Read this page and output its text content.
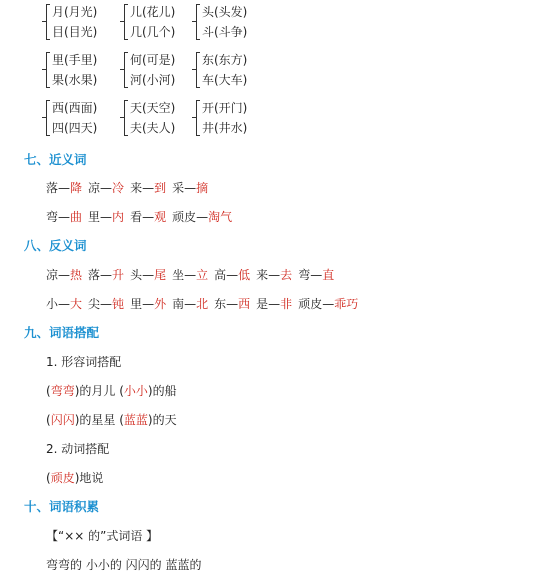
月(月光)
目(目光)
儿(花儿)
几(几个)
头(头发)
斗(斗争)
里(手里)
果(水果)
何(可是)
河(小河)
东(东方)
车(大车)
西(西面)
四(四天)
天(天空)
夫(夫人)
开(开门)
井(井水)
七、近义词
落—降 凉—冷 来—到 采—摘
弯—曲 里—内 看—观 顽皮—淘气
八、反义词
凉—热 落—升 头—尾 坐—立 高—低 来—去 弯—直
小—大 尖—钝 里—外 南—北 东—西 是—非 顽皮—乖巧
九、词语搭配
1. 形容词搭配
(弯弯)的月儿 (小小)的船
(闪闪)的星星 (蓝蓝)的天
2. 动词搭配
(顽皮)地说
十、词语积累
【“×× 的”式词语 】
弯弯的 小小的 闪闪的 蓝蓝的
